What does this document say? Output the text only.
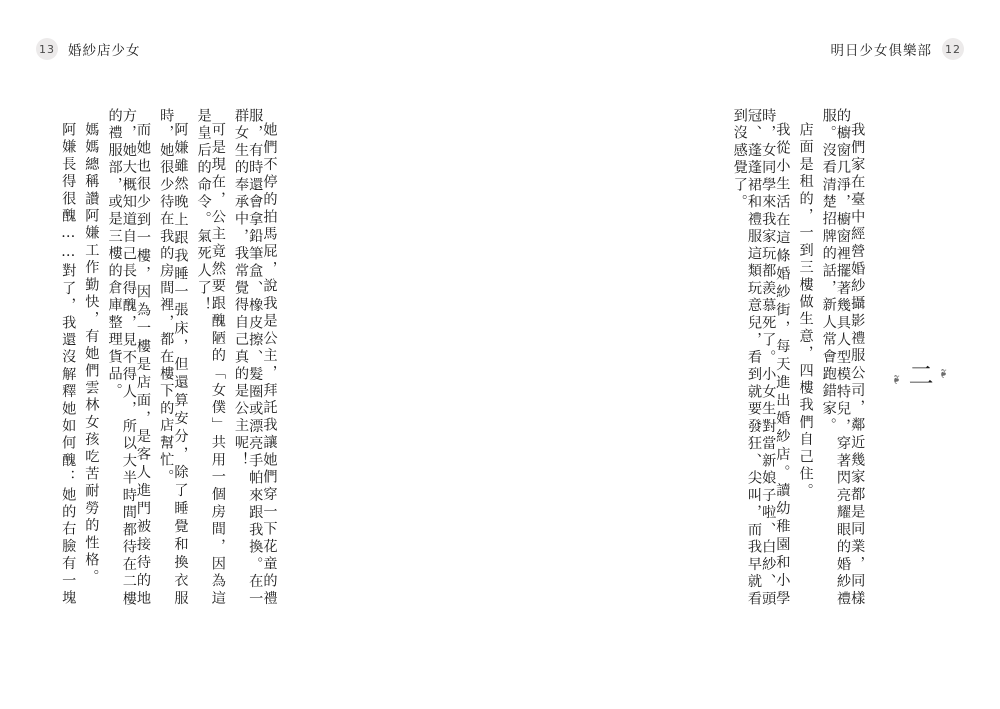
13 婚紗店少女	明日少女俱樂部 12
❧
二
❧
我們家在臺中經營婚紗攝影禮服公司，鄰近幾家都是同業，同樣的櫥窗几淨，櫥窗裡擺著幾具人型模特兒，穿著閃亮耀眼的婚紗禮服。沒看清楚招牌的話，新人常會跑錯家。
店面是租的，一到三樓做生意，四樓我們自己住。
我從小生活在這條婚紗街，每天進出婚紗店。讀幼稚園和小學時，女同學來我家玩都羨慕死了。小女生對當新娘子啦、白紗、頭冠、蓬蓬裙和禮服這類玩意兒，看到就要發狂、尖叫，而我早就看到沒感覺了。
她們不停的拍馬屁，說我是公主，拜託我讓她們穿一下花童的禮服，有時還會拿鉛筆盒、橡皮擦、髮圈或漂亮手帕來跟我換。在一群女生的奉承中，我常覺得自己真的是公主呢！
可是現在，公主竟然要跟醜陋的「女僕」共用一個房間，因為這是皇后的命令。氣死人了！
阿嫌雖然晚上跟我睡一張床，但還算安分，除了睡覺和換衣服時，她很少待在我的房間裡，都在樓下的店幫忙。
而她也很少到一樓，因為一樓是店面，是客人進門被接待的地方，她大概知道自己長得醜，見不得人，所以大半時間都待在二樓的禮服部，或是三樓的倉庫整理貨品。
媽媽總稱讚阿嫌工作勤快，有她們雲林女孩吃苦耐勞的性格。
阿嫌長得很醜……對了，我還沒解釋她如何醜：她的右臉有一塊
